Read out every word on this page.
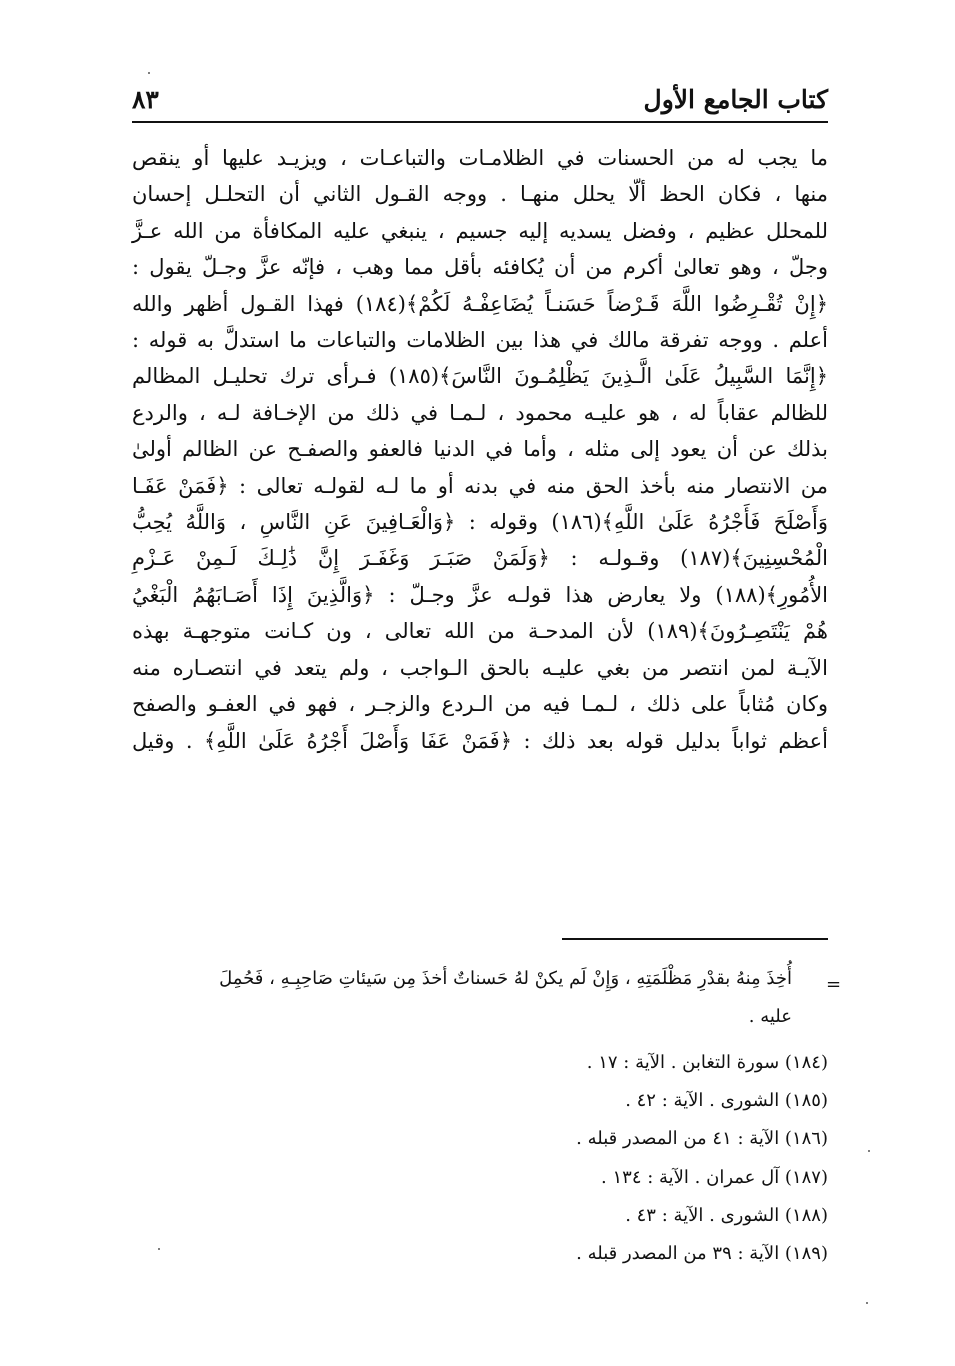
كتاب الجامع الأول
٨٣
ما يجب له من الحسنات في الظلامـات والتباعـات ، ويزيـد عليها أو ينقص
منها ، فكان الحظ ألّا يحلل منهـا . ووجه القـول الثاني أن التحلـل إحسان
للمحلل عظيم ، وفضل يسديه إليه جسيم ، ينبغي عليه المكافأة من الله عـزَّ
وجلّ ، وهو تعالىٰ أكرم من أن يُكافئه بأقل مما وهب ، فإنّه عزَّ وجـلّ يقول :
﴿إِنْ تُقْـرِضُوا اللَّهَ قَـرْضاً حَسَنـاً يُضَاعِفْـهُ لَكُمْ﴾(١٨٤) فهذا القـول أظهر والله
أعلم . ووجه تفرقة مالك في هذا بين الظلامات والتباعات ما استدلَّ به قوله :
﴿إِنَّمَا السَّبِيلُ عَلَىٰ الَّـذِينَ يَظْلِمُـونَ النَّاسَ﴾(١٨٥) فـرأى ترك تحليـل المظالم
للظالم عقاباً له ، هو عليـه محمود ، لـمـا في ذلك من الإخـافة لـه ، والردع
بذلك عن أن يعود إلى مثله ، وأما في الدنيا فالعفو والصفـح عن الظالم أولىٰ
من الانتصار منه بأخذ الحق منه في بدنه أو ما لـه لقولـه تعالى : ﴿فَمَنْ عَفَـا
وَأَصْلَحَ فَأَجْرُهُ عَلَىٰ اللَّهِ﴾(١٨٦) وقوله : ﴿وَالْعَـافِينَ عَنِ النَّاسِ ، وَاللَّهُ يُحِبُّ
الْمُحْسِنِينَ﴾(١٨٧) وقـولـه : ﴿وَلَمَنْ صَبَـرَ وَغَفَـرَ إِنَّ ذَٰلِـكَ لَـمِنْ عَـزْمِ
الأُمُورِ﴾(١٨٨) ولا يعارض هذا قولـه عزَّ وجـلّ : ﴿وَالَّذِينَ إِذَا أَصَـابَهُمُ الْبَغْيُ
هُمْ يَنْتَصِـرُونَ﴾(١٨٩) لأن المدحـة من الله تعالى ، ون كـانت متوجهـة بهذه
الآيـة لمن انتصر من بغي عليـه بالحق الـواجب ، ولم يتعد في انتصـاره منه
وكان مُثاباً على ذلك ، لـمـا فيه من الـردع والزجـر ، فهو في العفـو والصفح
أعظم ثواباً بدليل قوله بعد ذلك : ﴿فَمَنْ عَفَا وَأَصْلَ أَجْرُهُ عَلَىٰ اللَّهِ﴾ . وقيل
=
أُخِذَ مِنهُ بقدْرِ مَظْلَمَتِهِ ، وَإِنْ لَم يكنْ لهُ حَسناتٌ أخذَ مِن سَيئاتِ صَاحِبِـهِ ، فَحُمِلَ
عليه .
(١٨٤) سورة التغابن . الآية : ١٧ .
(١٨٥) الشورى . الآية : ٤٢ .
(١٨٦) الآية : ٤١ من المصدر قبله .
(١٨٧) آل عمران . الآية : ١٣٤ .
(١٨٨) الشورى . الآية : ٤٣ .
(١٨٩) الآية : ٣٩ من المصدر قبله .
